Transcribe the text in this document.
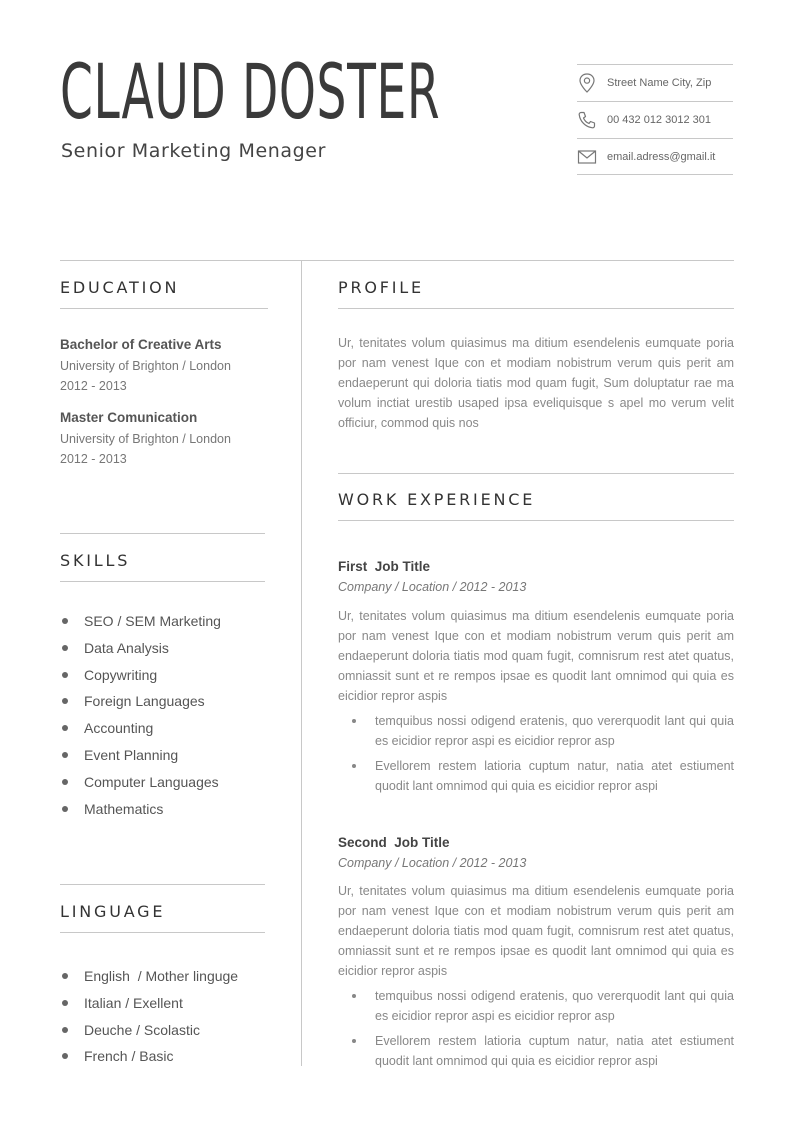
CLAUD DOSTER
Senior Marketing Menager
Street Name City, Zip
00 432 012 3012 301
email.adress@gmail.it
EDUCATION
Bachelor of Creative Arts
University of Brighton / London
2012 - 2013
Master Comunication
University of Brighton / London
2012 - 2013
SKILLS
SEO / SEM Marketing
Data Analysis
Copywriting
Foreign Languages
Accounting
Event Planning
Computer Languages
Mathematics
LINGUAGE
English  / Mother linguge
Italian / Exellent
Deuche / Scolastic
French / Basic
PROFILE
Ur, tenitates volum quiasimus ma ditium esendelenis eumquate poria por nam venest Ique con et modiam nobistrum verum quis perit am endaeperunt qui doloria tiatis mod quam fugit, Sum doluptatur rae ma volum inctiat urestib usaped ipsa eveliquisque s apel mo verum velit officiur, commod quis nos
WORK EXPERIENCE
First  Job Title
Company / Location / 2012 - 2013
Ur, tenitates volum quiasimus ma ditium esendelenis eumquate poria por nam venest Ique con et modiam nobistrum verum quis perit am endaeperunt doloria tiatis mod quam fugit, comnisrum rest atet quatus, omniassit sunt et re rempos ipsae es quodit lant omnimod qui quia es eicidior repror aspis
temquibus nossi odigend eratenis, quo vererquodit lant qui quia es eicidior repror aspi es eicidior repror asp
Evellorem restem latioria cuptum natur, natia atet estiument quodit lant omnimod qui quia es eicidior repror aspi
Second  Job Title
Company / Location / 2012 - 2013
Ur, tenitates volum quiasimus ma ditium esendelenis eumquate poria por nam venest Ique con et modiam nobistrum verum quis perit am endaeperunt doloria tiatis mod quam fugit, comnisrum rest atet quatus, omniassit sunt et re rempos ipsae es quodit lant omnimod qui quia es eicidior repror aspis
temquibus nossi odigend eratenis, quo vererquodit lant qui quia es eicidior repror aspi es eicidior repror asp
Evellorem restem latioria cuptum natur, natia atet estiument quodit lant omnimod qui quia es eicidior repror aspi
